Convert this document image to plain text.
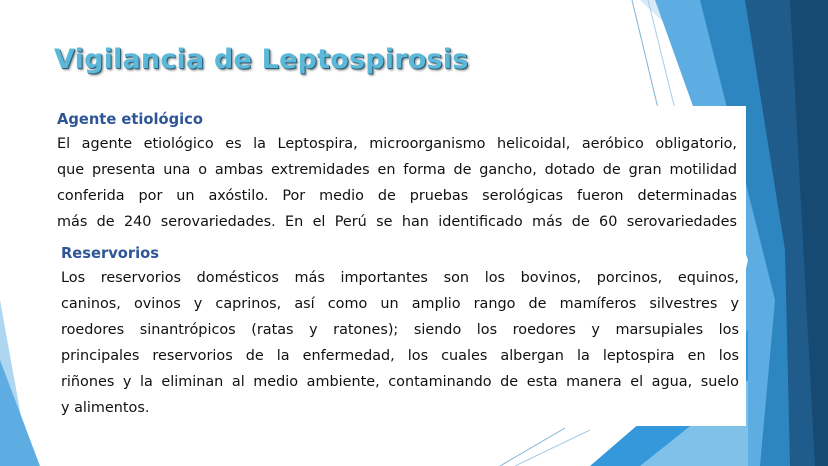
Vigilancia de Leptospirosis
Agente etiológico
El agente etiológico es la Leptospira, microorganismo helicoidal, aeróbico obligatorio,
que presenta una o ambas extremidades en forma de gancho, dotado de gran motilidad
conferida por un axóstilo. Por medio de pruebas serológicas fueron determinadas
más de 240 serovariedades. En el Perú se han identificado más de 60 serovariedades
Reservorios
Los reservorios domésticos más importantes son los bovinos, porcinos, equinos,
caninos, ovinos y caprinos, así como un amplio rango de mamíferos silvestres y
roedores sinantrópicos (ratas y ratones); siendo los roedores y marsupiales los
principales reservorios de la enfermedad, los cuales albergan la leptospira en los
riñones y la eliminan al medio ambiente, contaminando de esta manera el agua, suelo
y alimentos.
